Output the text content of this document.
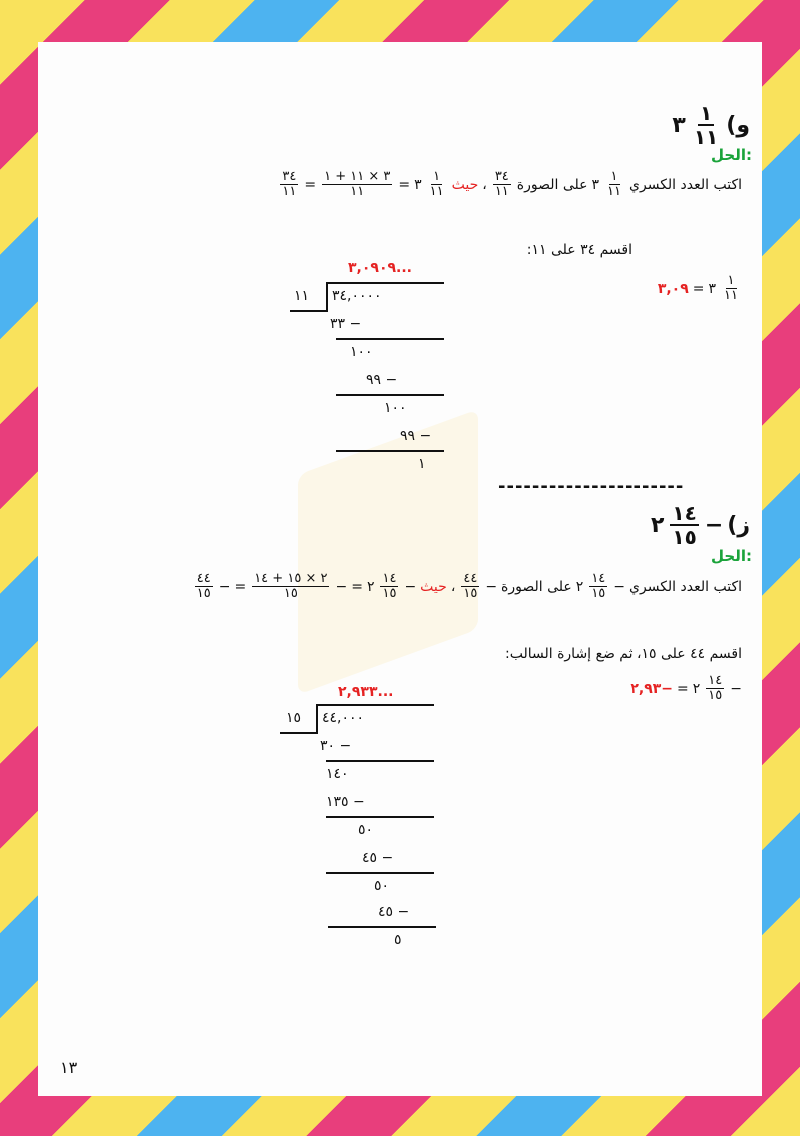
و)
$\frac{١}{١١}$
٣
الحل:
اكتب العدد الكسري
$\frac{١}{١١}$
٣
على الصورة
$\frac{٣٤}{١١}$
،
حيث
$\frac{١}{١١}$
٣
=
$\frac{٣ \times ١١ + ١}{١١}$
=
$\frac{٣٤}{١١}$
اقسم ٣٤ على ١١:
$\frac{١}{١١}$
٣
=
٣,٠٩
٣,٠٩٠٩...
١١ ٣٤,٠٠٠٠
٣٣ −
١٠٠
٩٩ −
١٠٠
٩٩ −
١
----------------------
ز)
−
$\frac{١٤}{١٥}$
٢
الحل:
اكتب العدد الكسري
−
$\frac{١٤}{١٥}$
٢
على الصورة
−
$\frac{٤٤}{١٥}$
،
حيث
−
$\frac{١٤}{١٥}$
٢
=
−
$\frac{٢ \times ١٥ + ١٤}{١٥}$
=
−
$\frac{٤٤}{١٥}$
اقسم ٤٤ على ١٥، ثم ضع إشارة السالب:
−
$\frac{١٤}{١٥}$
٢
=
−٢,٩٣
٢,٩٣٣...
١٥ ٤٤,٠٠٠
٣٠ −
١٤٠
١٣٥ −
٥٠
٤٥ −
٥٠
٤٥ −
٥
١٣
